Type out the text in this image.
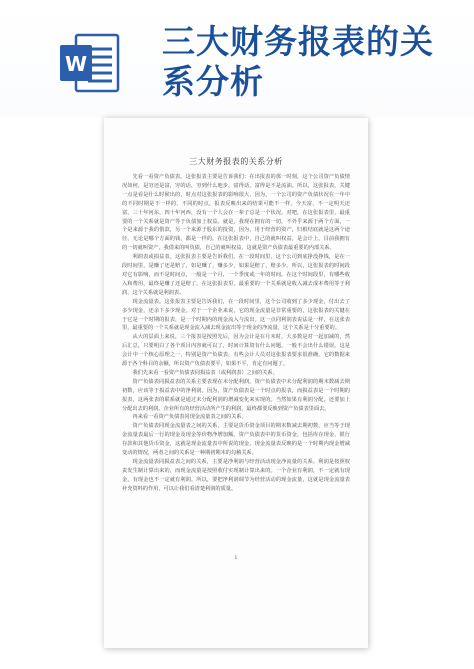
W
三大财务报表的关系分析
三大财务报表的关系分析

先看一看资产负债表。这张报表主要是告诉我们：在出报表的那一时刻，这个公司资产负债情况如何，是穷还是富，穷的话，穷到什么地步，富得话，富得是不是流油。所以，这张报表，关键一点是看是什么时候出的，时点对这张报表的影响很大，因为，一个公司的资产负债状况在一年中的不同时期是不一样的，不同的时点，报表反映出来的结果可能不一样。今天富，不一定明天还富，三十年河东，四十年河西，没有一个人会在一辈子总是一个状况，对吧，在这张报表里，最重要的一个关系就是资产等于负债加上权益。就是，我现在拥有的一切，不外乎来源于两个方面，一个是来源于我的借款，另一个来源于股东的投资，因为，用于经营的资产，归根结底就是这两个途径，无论是哪个方面的钱，都是一样的。在这张报表中，自己的就叫权益，是会计上，目前我拥有的一切就叫资产，我借来的叫负债，自己的就叫权益，这就是资产负债表最重要的内部关系。

利润表或损益表。这张报表主要是告诉我们，在一段时间里，这个公司到底挣没挣钱，是在一段时间里，是赚了还是赔了，如是赚了，赚多少，如果是赔了，赔多少。所以，这张报表的时间段对它有影响，而不是时间点，一般是一个月，一个季度或一年的时间。在这个时间段里，有哪些收入和费用，最终是赚了还是赔了。在这张报表里，最重要的一个关系就是收入减去成本费用等于利润，这个关系就是利润表。

现金流量表。这张报表主要是告诉我们，在一段时间里，这个公司收到了多少现金，付出去了多少现金，还余下多少现金。对于一个企业来说，它的现金流量是非常重要的，这张报表的关键在于它是一个时期的报表，是一个时期内的现金流入与流出。这一点同利润表说法是一样，在这张表里，最重要的一个关系就是现金流入减去现金流出等于现金的净流量，这个关系是十分重要的。

从大的层面上来说，三个报表是按照先后，因为会计是在月末时，大多数是对一起加减的，然后汇总，只要明白了各个项目内容就可以了，时间计算资有什么问题，一般不会出什么错误。这是会计中一个核心原理之一，特别是资产负债表，有些会计人员对这张报表要求很准确，它的数据来源于各个科目的余额，所以资产负债表要平，如果不平，肯定有问题了。

我们先来看一看资产负债表同损益表（或利润表）之间的关系。

资产负债表同损益表的关系主要表现在未分配利润。资产负债表中未分配利润的期末数减去期初数，应该等于损益表中的净利润。因为，资产负债表是一个时点的报表，而损益表是一个时期的报表，这两张表的联系就是通过未分配利润的增减变化来实现的。当然如果有利润分配，还要加上分配出去的利润。企业所有的经营活动所产生的利润，最终都要反映到资产负债表里面去。

再来看一看资产负债表同现金流量表之间的关系。

资产负债表同现金流量表之间的关系，主要是货币资金项目的期末数减去期初数，应当等于现金流量表最后一行的现金及现金等价物净增加额。资产负债表中的货币资金，包括库存现金、银行存款和其他货币资金，这就是现金流量表中所说的现金。现金流量表反映的是一个时期内现金增减变动的情况，两者之间的关系是一种期初期末的勾稽关系。

现金流量表同损益表之间的关系，主要是净利润与经营活动现金净流量的关系。利润是按照权责发生制计算出来的，而现金流量是按照收付实现制计算出来的。一个企业有利润，不一定就有现金，有现金也不一定就有利润。所以，要把净利润调节为经营活动的现金流量，这就是现金流量表补充资料的作用，可以让我们看清楚利润的质量。

1
